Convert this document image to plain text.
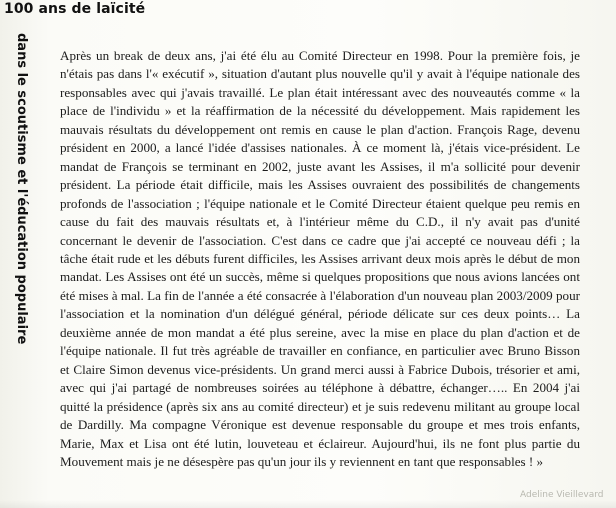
100 ans de laïcité
dans le scoutisme et l'éducation populaire	Après un break de deux ans, j'ai été élu au Comité Directeur en 1998. Pour la première fois, je n'étais pas dans l'« exécutif », situation d'autant plus nouvelle qu'il y avait à l'équipe nationale des responsables avec qui j'avais travaillé. Le plan était intéressant avec des nouveautés comme « la place de l'individu » et la réaffirmation de la nécessité du développement. Mais rapidement les mauvais résultats du développement ont remis en cause le plan d'action. François Rage, devenu président en 2000, a lancé l'idée d'assises nationales. À ce moment là, j'étais vice-président. Le mandat de François se terminant en 2002, juste avant les Assises, il m'a sollicité pour devenir président. La période était difficile, mais les Assises ouvraient des possibilités de changements profonds de l'association ; l'équipe nationale et le Comité Directeur étaient quelque peu remis en cause du fait des mauvais résultats et, à l'intérieur même du C.D., il n'y avait pas d'unité concernant le devenir de l'association. C'est dans ce cadre que j'ai accepté ce nouveau défi ; la tâche était rude et les débuts furent difficiles, les Assises arrivant deux mois après le début de mon mandat. Les Assises ont été un succès, même si quelques propositions que nous avions lancées ont été mises à mal. La fin de l'année a été consacrée à l'élaboration d'un nouveau plan 2003/2009 pour l'association et la nomination d'un délégué général, période délicate sur ces deux points… La deuxième année de mon mandat a été plus sereine, avec la mise en place du plan d'action et de l'équipe nationale. Il fut très agréable de travailler en confiance, en particulier avec Bruno Bisson et Claire Simon devenus vice-présidents. Un grand merci aussi à Fabrice Dubois, trésorier et ami, avec qui j'ai partagé de nombreuses soirées au téléphone à débattre, échanger….. En 2004 j'ai quitté la présidence (après six ans au comité directeur) et je suis redevenu militant au groupe local de Dardilly. Ma compagne Véronique est devenue responsable du groupe et mes trois enfants, Marie, Max et Lisa ont été lutin, louveteau et éclaireur. Aujourd'hui, ils ne font plus partie du Mouvement mais je ne désespère pas qu'un jour ils y reviennent en tant que responsables ! »

Adeline Vieillevard
